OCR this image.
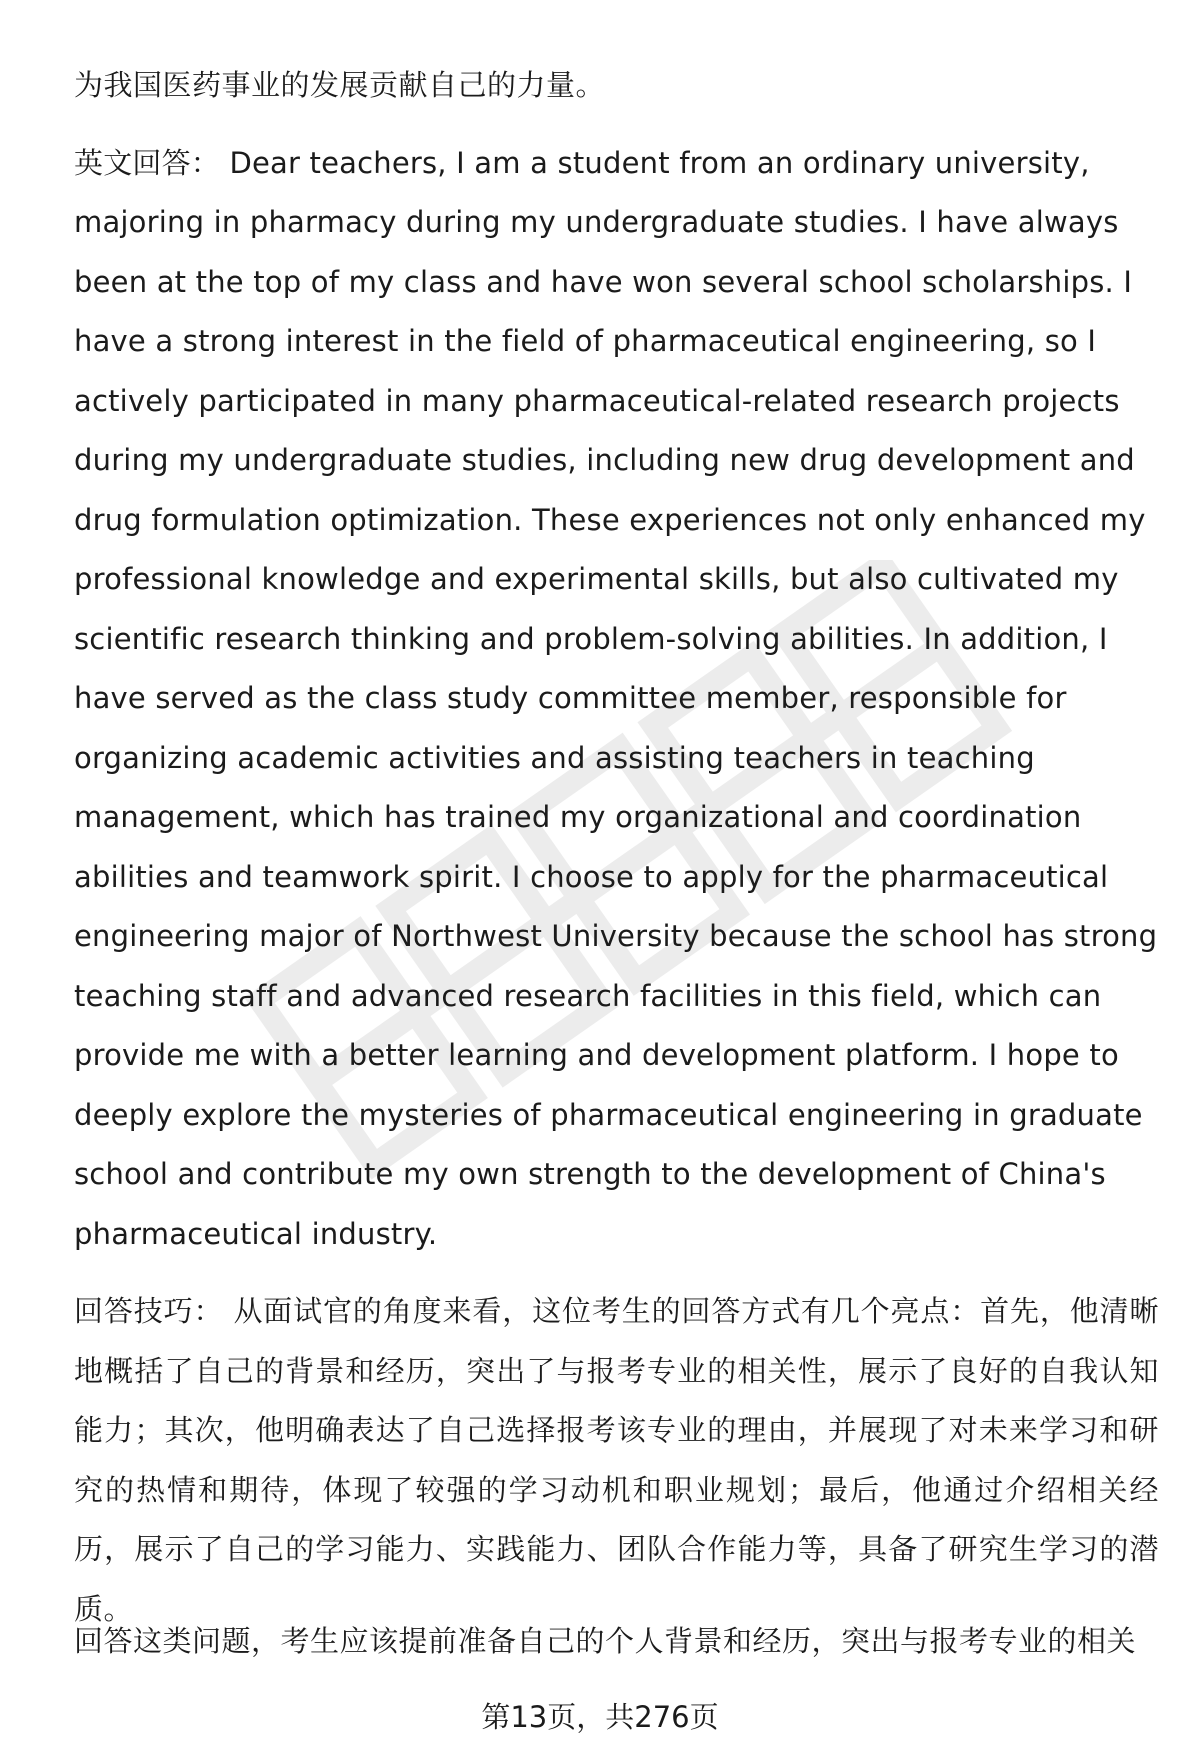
为我国医药事业的发展贡献自己的力量。

英文回答： Dear teachers, I am a student from an ordinary university, majoring in pharmacy during my undergraduate studies. I have always been at the top of my class and have won several school scholarships. I have a strong interest in the field of pharmaceutical engineering, so I actively participated in many pharmaceutical-related research projects during my undergraduate studies, including new drug development and drug formulation optimization. These experiences not only enhanced my professional knowledge and experimental skills, but also cultivated my scientific research thinking and problem-solving abilities. In addition, I have served as the class study committee member, responsible for organizing academic activities and assisting teachers in teaching management, which has trained my organizational and coordination abilities and teamwork spirit. I choose to apply for the pharmaceutical engineering major of Northwest University because the school has strong teaching staff and advanced research facilities in this field, which can provide me with a better learning and development platform. I hope to deeply explore the mysteries of pharmaceutical engineering in graduate school and contribute my own strength to the development of China's pharmaceutical industry.

回答技巧： 从面试官的角度来看，这位考生的回答方式有几个亮点：首先，他清晰地概括了自己的背景和经历，突出了与报考专业的相关性，展示了良好的自我认知能力；其次，他明确表达了自己选择报考该专业的理由，并展现了对未来学习和研究的热情和期待，体现了较强的学习动机和职业规划；最后，他通过介绍相关经历，展示了自己的学习能力、实践能力、团队合作能力等，具备了研究生学习的潜质。

回答这类问题，考生应该提前准备自己的个人背景和经历，突出与报考专业的相关
第13页，共276页
